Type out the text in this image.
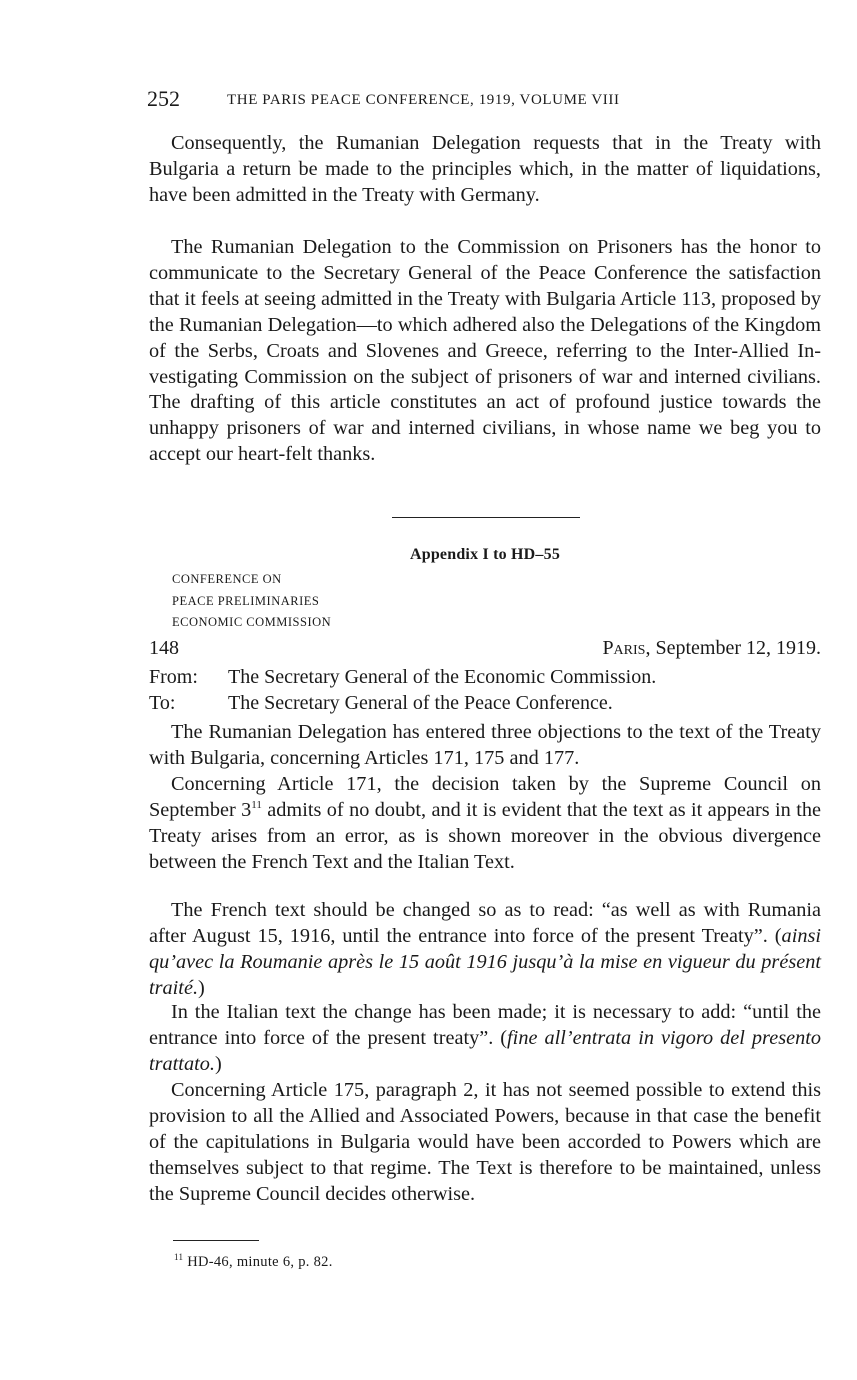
252	THE PARIS PEACE CONFERENCE, 1919, VOLUME VIII

Consequently, the Rumanian Delegation requests that in the Treaty with Bulgaria a return be made to the principles which, in the matter of liquidations, have been admitted in the Treaty with Germany.

The Rumanian Delegation to the Commission on Prisoners has the honor to communicate to the Secretary General of the Peace Conference the satisfaction that it feels at seeing admitted in the Treaty with Bulgaria Article 113, proposed by the Rumanian Delegation—to which adhered also the Delegations of the Kingdom of the Serbs, Croats and Slovenes and Greece, referring to the Inter-Allied Investigating Commission on the subject of prisoners of war and interned civilians. The drafting of this article constitutes an act of profound justice towards the unhappy prisoners of war and interned civilians, in whose name we beg you to accept our heart-felt thanks.

Appendix I to HD–55
CONFERENCE ON
PEACE PRELIMINARIES
ECONOMIC COMMISSION
148	Paris, September 12, 1919.
From: The Secretary General of the Economic Commission.
To:	The Secretary General of the Peace Conference.

The Rumanian Delegation has entered three objections to the text of the Treaty with Bulgaria, concerning Articles 171, 175 and 177.

Concerning Article 171, the decision taken by the Supreme Council on September 3$^{11}$ admits of no doubt, and it is evident that the text as it appears in the Treaty arises from an error, as is shown moreover in the obvious divergence between the French Text and the Italian Text.

The French text should be changed so as to read: “as well as with Rumania after August 15, 1916, until the entrance into force of the present Treaty”. (ainsi qu’avec la Roumanie après le 15 août 1916 jusqu’à la mise en vigueur du présent traité.)

In the Italian text the change has been made; it is necessary to add: “until the entrance into force of the present treaty”. (fine all’entrata in vigoro del presento trattato.)

Concerning Article 175, paragraph 2, it has not seemed possible to extend this provision to all the Allied and Associated Powers, because in that case the benefit of the capitulations in Bulgaria would have been accorded to Powers which are themselves subject to that regime. The Text is therefore to be maintained, unless the Supreme Council decides otherwise.

$^{11}$ HD-46, minute 6, p. 82.
